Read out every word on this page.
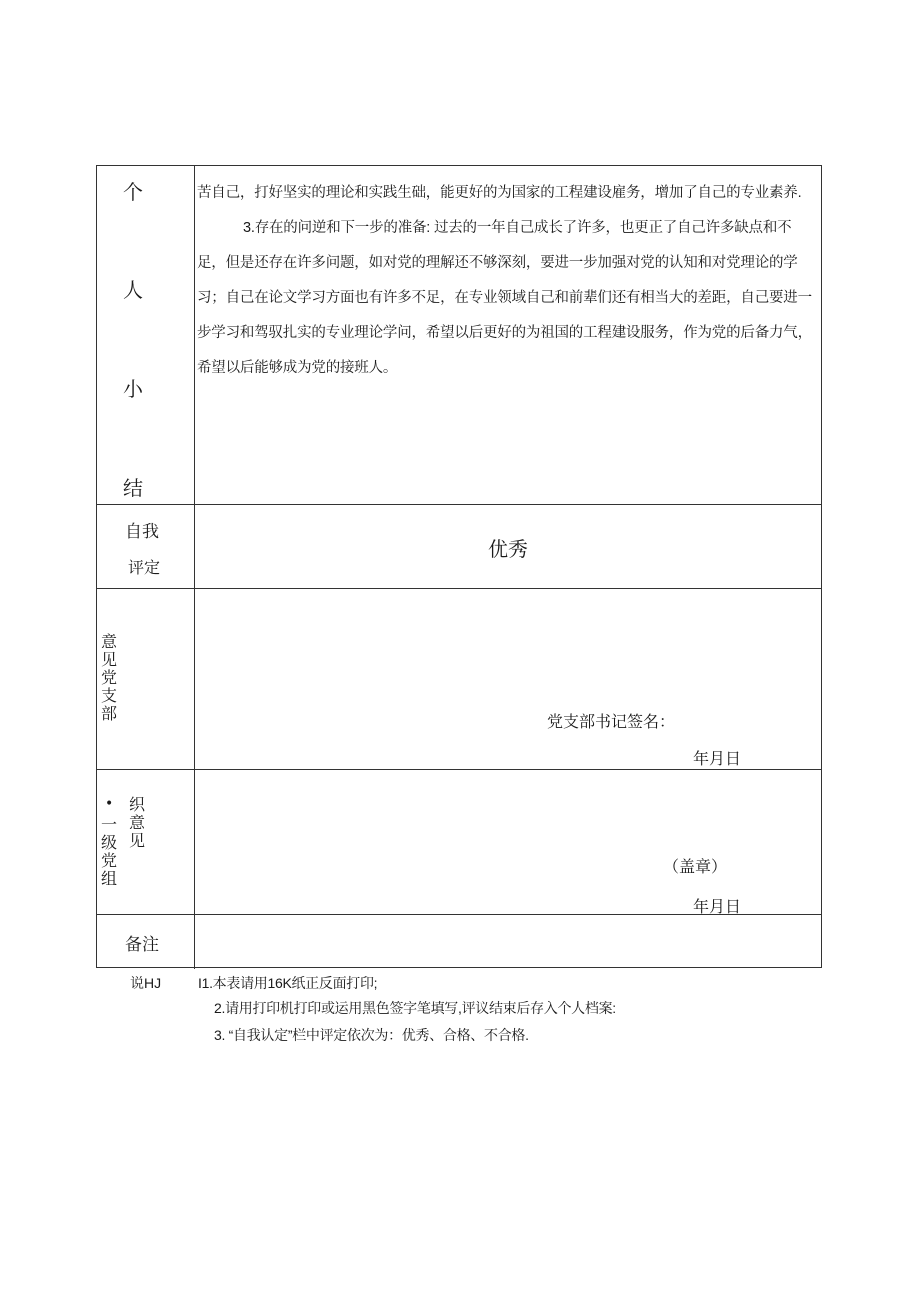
个
人
小
结

苦自己，打好坚实的理论和实践生础，能更好的为国家的工程建设雇务，增加了自己的专业素养.

3.存在的问逆和下一步的准备: 过去的一年自己成长了许多，也更正了自己许多缺点和不足，但是还存在许多问题，如对党的理解还不够深刻，要进一步加强对党的认知和对党理论的学习；自己在论文学习方面也有许多不足，在专业领域自己和前辈们还有相当大的差距，自己要进一步学习和驾驭扎实的专业理论学问，希望以后更好的为祖国的工程建设服务，作为党的后备力气，希望以后能够成为党的接班人。

自我
评定
优秀
意见党支部	党支部书记签名：
年月日
•
一级党组
织意见
（盖章）
年月日
备注
说HJ	I1.本表请用16K纸正反面打印;
2.请用打印机打印或运用黑色签字笔填写,评议结束后存入个人档案:
3. “自我认定”栏中评定依次为：优秀、合格、不合格.
